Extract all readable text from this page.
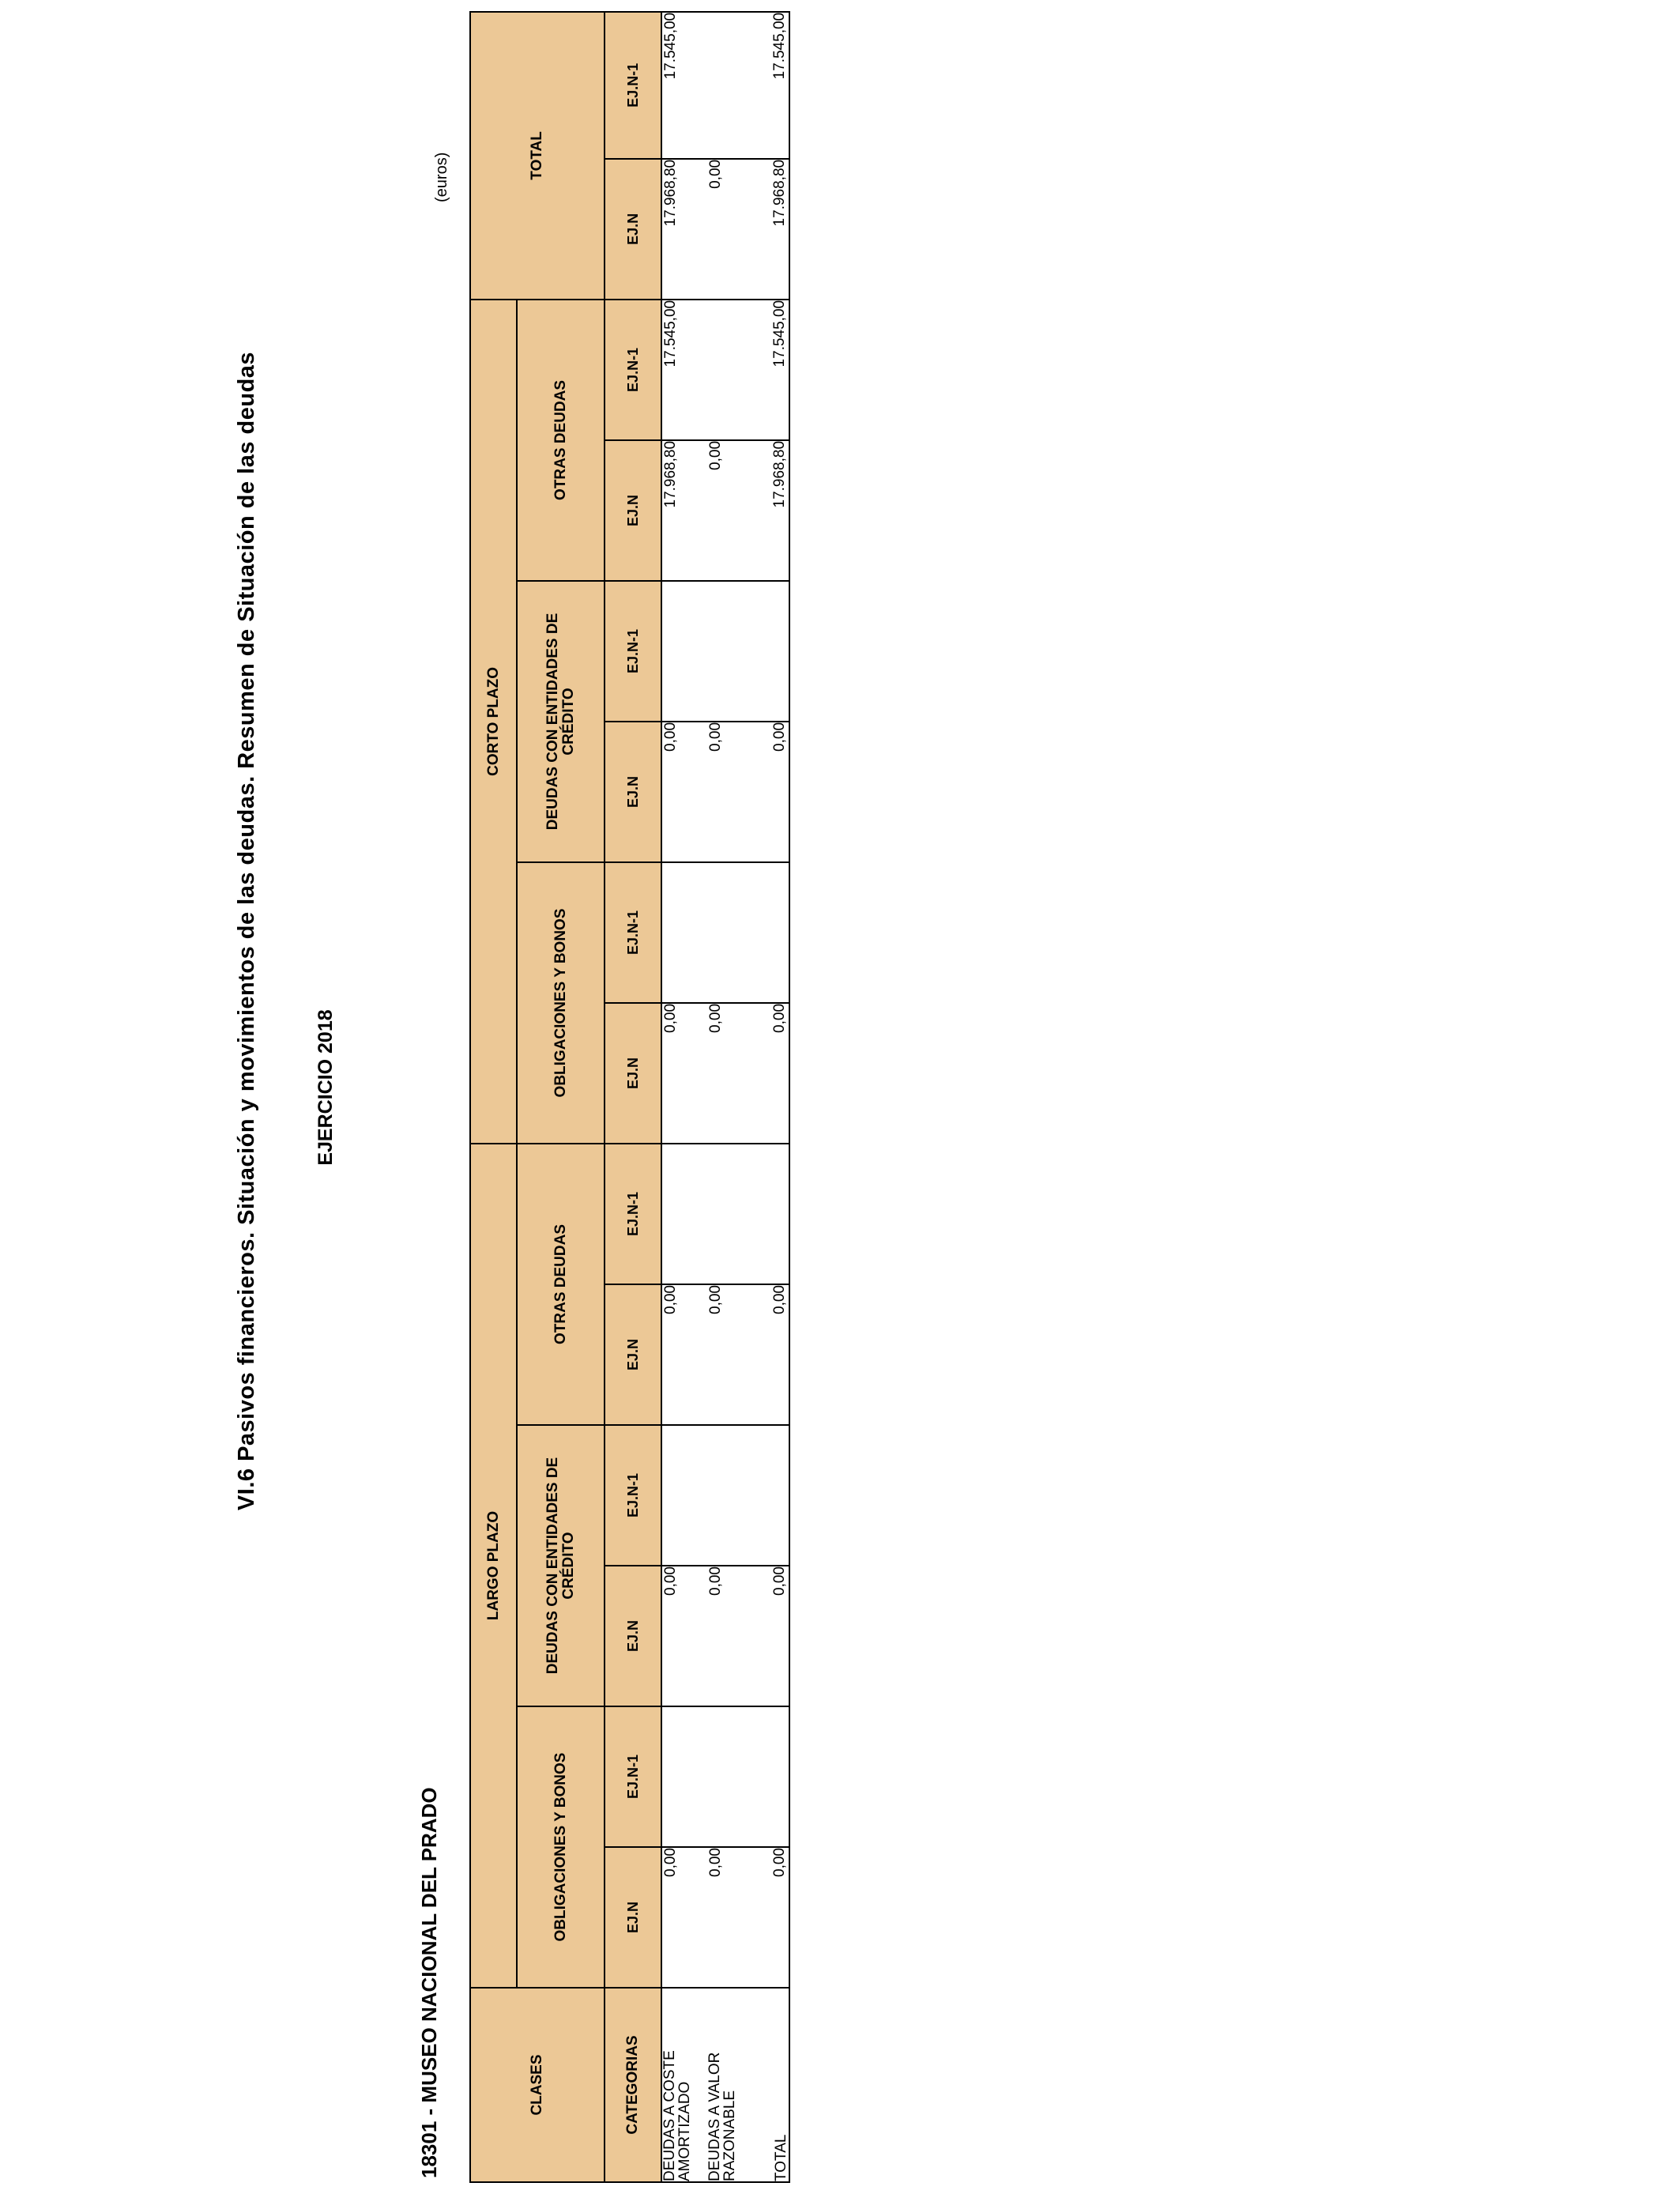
VI.6 Pasivos financieros. Situación y movimientos de las deudas. Resumen de Situación de las deudas	EJERCICIO 2018
18301 - MUSEO NACIONAL DEL PRADO
(euros)
CLASES	LARGO PLAZO						CORTO PLAZO						TOTAL	
	OBLIGACIONES Y BONOS		DEUDAS CON ENTIDADES DE CRÉDITO		OTRAS DEUDAS		OBLIGACIONES Y BONOS		DEUDAS CON ENTIDADES DE CRÉDITO		OTRAS DEUDAS			
CATEGORIAS	EJ.N	EJ.N-1	EJ.N	EJ.N-1	EJ.N	EJ.N-1	EJ.N	EJ.N-1	EJ.N	EJ.N-1	EJ.N	EJ.N-1	EJ.N	EJ.N-1
DEUDAS A COSTE AMORTIZADO	0,00		0,00		0,00		0,00		0,00		17.968,80	17.545,00	17.968,80	17.545,00
DEUDAS A VALOR RAZONABLE	0,00		0,00		0,00		0,00		0,00		0,00		0,00	
TOTAL	0,00		0,00		0,00		0,00		0,00		17.968,80	17.545,00	17.968,80	17.545,00
